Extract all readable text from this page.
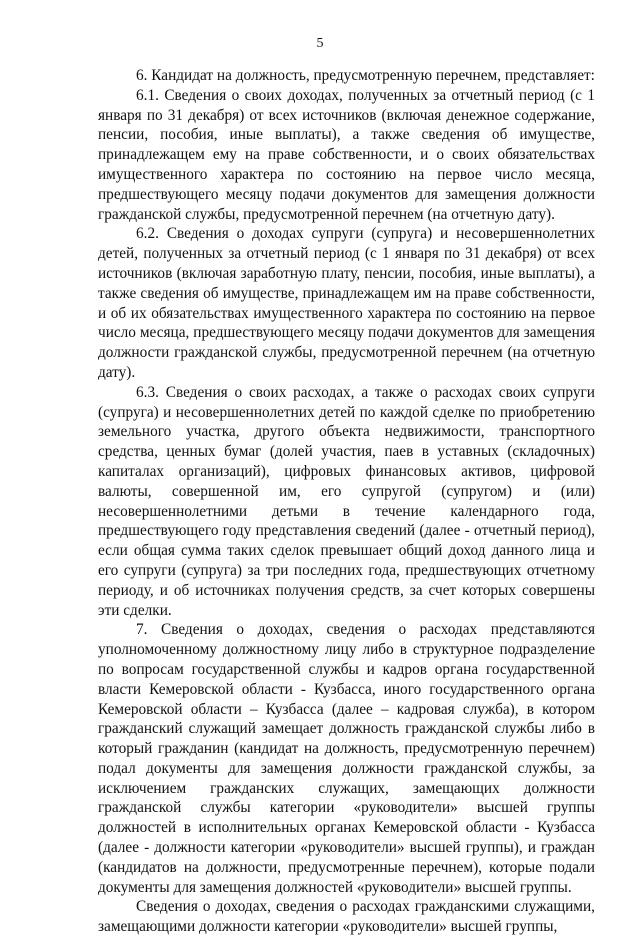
5

6. Кандидат на должность, предусмотренную перечнем, представляет:

6.1. Сведения о своих доходах, полученных за отчетный период (с 1 января по 31 декабря) от всех источников (включая денежное содержание, пенсии, пособия, иные выплаты), а также сведения об имуществе, принадлежащем ему на праве собственности, и о своих обязательствах имущественного характера по состоянию на первое число месяца, предшествующего месяцу подачи документов для замещения должности гражданской службы, предусмотренной перечнем (на отчетную дату).

6.2. Сведения о доходах супруги (супруга) и несовершеннолетних детей, полученных за отчетный период (с 1 января по 31 декабря) от всех источников (включая заработную плату, пенсии, пособия, иные выплаты), а также сведения об имуществе, принадлежащем им на праве собственности, и об их обязательствах имущественного характера по состоянию на первое число месяца, предшествующего месяцу подачи документов для замещения должности гражданской службы, предусмотренной перечнем (на отчетную дату).

6.3. Сведения о своих расходах, а также о расходах своих супруги (супруга) и несовершеннолетних детей по каждой сделке по приобретению земельного участка, другого объекта недвижимости, транспортного средства, ценных бумаг (долей участия, паев в уставных (складочных) капиталах организаций), цифровых финансовых активов, цифровой валюты, совершенной им, его супругой (супругом) и (или) несовершеннолетними детьми в течение календарного года, предшествующего году представления сведений (далее - отчетный период), если общая сумма таких сделок превышает общий доход данного лица и его супруги (супруга) за три последних года, предшествующих отчетному периоду, и об источниках получения средств, за счет которых совершены эти сделки.

7. Сведения о доходах, сведения о расходах представляются уполномоченному должностному лицу либо в структурное подразделение по вопросам государственной службы и кадров органа государственной власти Кемеровской области - Кузбасса, иного государственного органа Кемеровской области – Кузбасса (далее – кадровая служба), в котором гражданский служащий замещает должность гражданской службы либо в который гражданин (кандидат на должность, предусмотренную перечнем) подал документы для замещения должности гражданской службы, за исключением гражданских служащих, замещающих должности гражданской службы категории «руководители» высшей группы должностей в исполнительных органах Кемеровской области - Кузбасса (далее - должности категории «руководители» высшей группы), и граждан (кандидатов на должности, предусмотренные перечнем), которые подали документы для замещения должностей «руководители» высшей группы.

Сведения о доходах, сведения о расходах гражданскими служащими, замещающими должности категории «руководители» высшей группы,
